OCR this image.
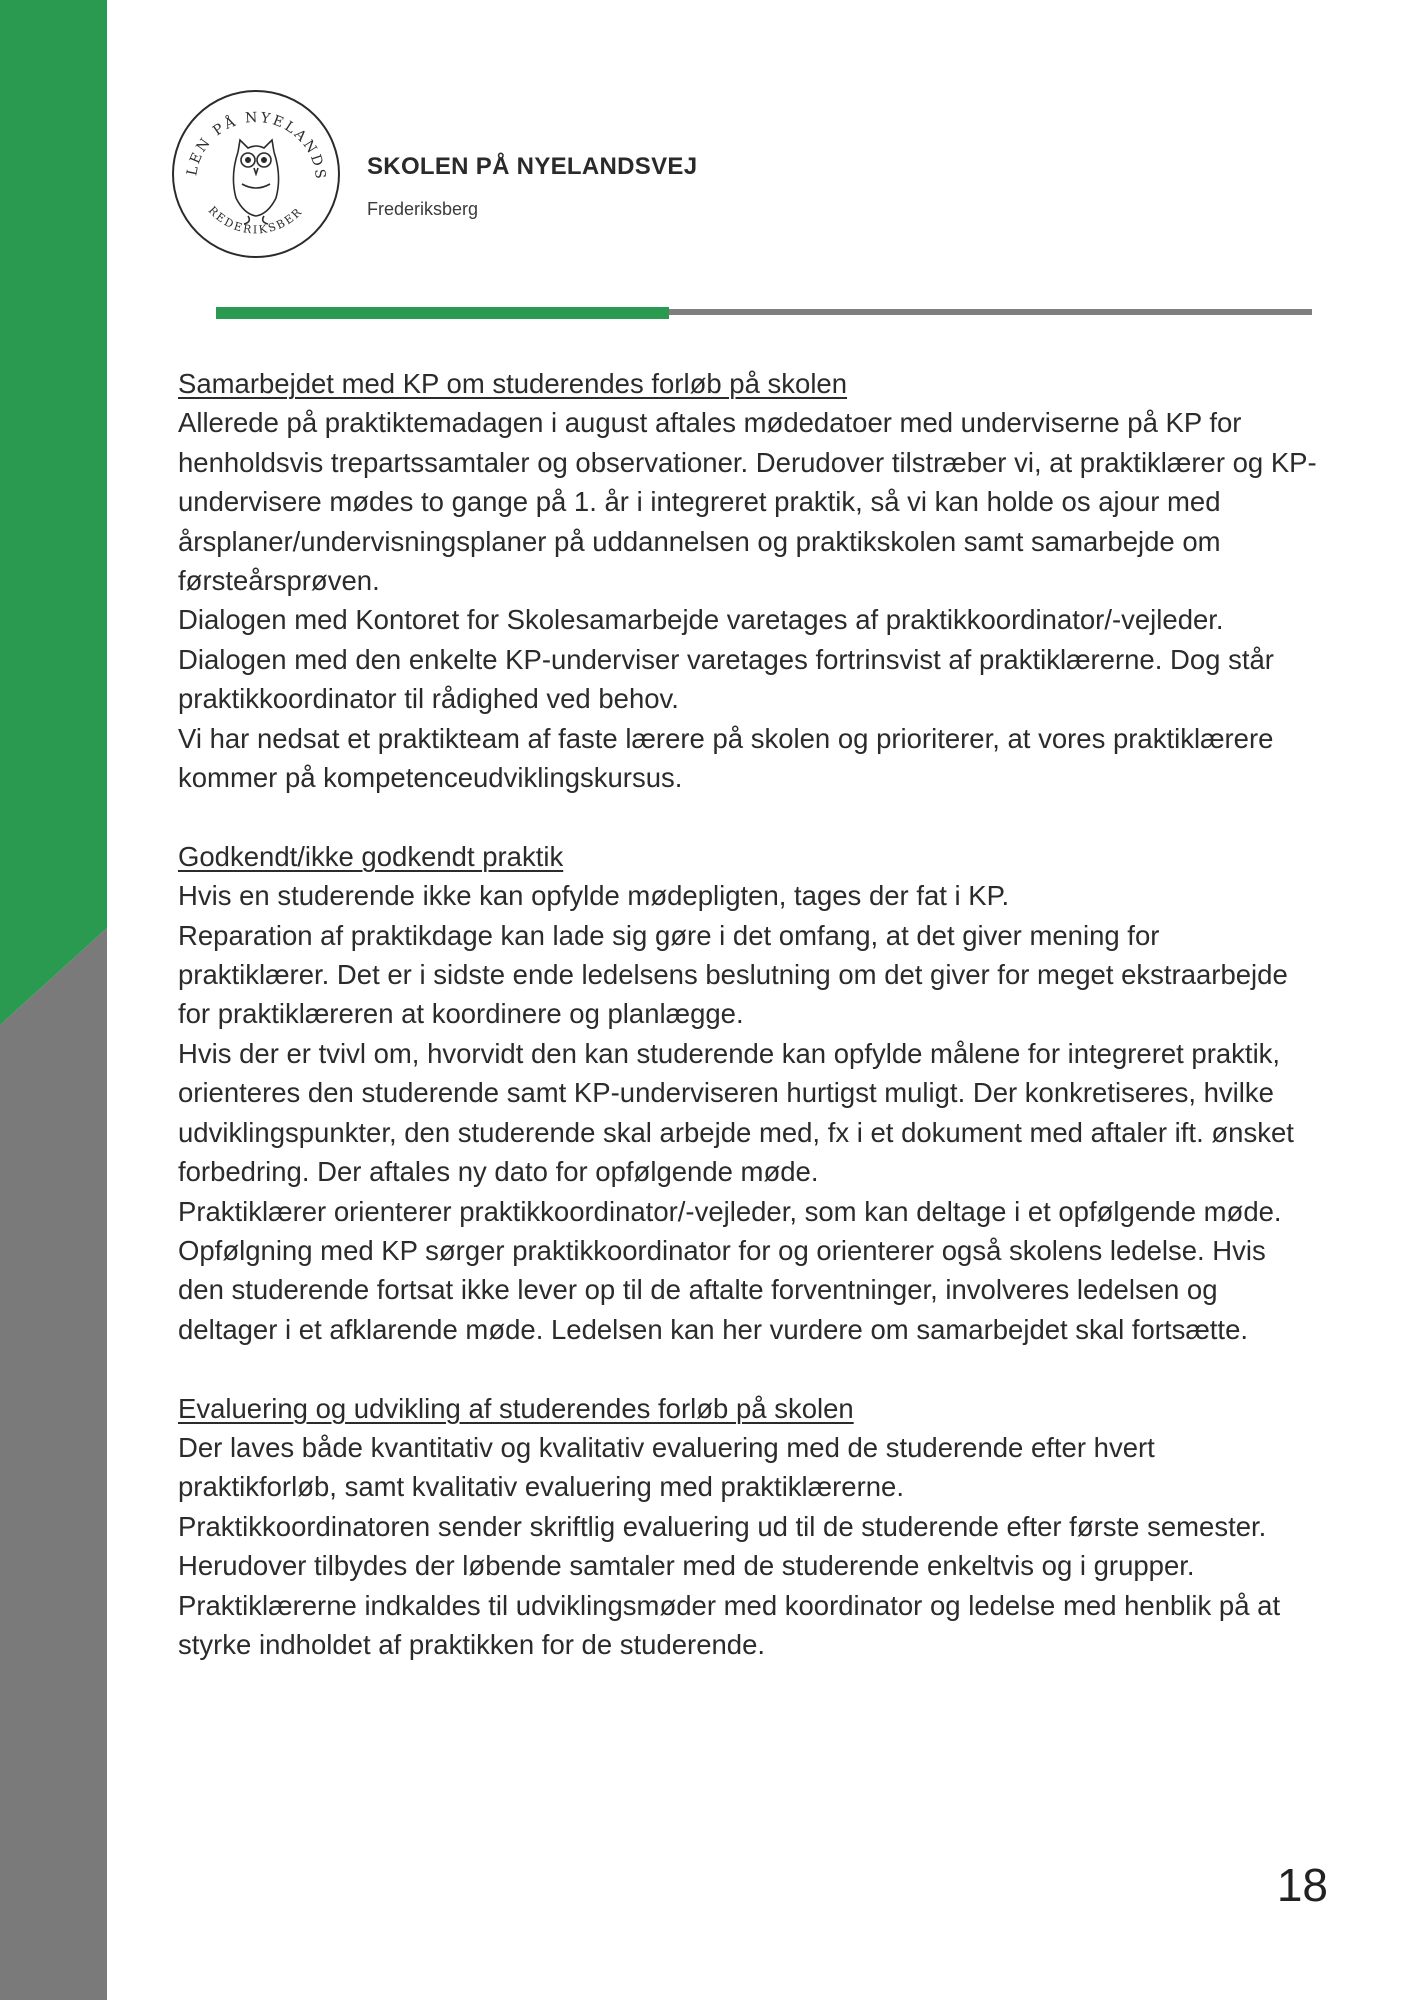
LEN PÅ NYELANDS
REDERIKSBER
SKOLEN PÅ NYELANDSVEJ

Frederiksberg

Samarbejdet med KP om studerendes forløb på skolen
Allerede på praktiktemadagen i august aftales mødedatoer med underviserne på KP for henholdsvis trepartssamtaler og observationer. Derudover tilstræber vi, at praktiklærer og KP-undervisere mødes to gange på 1. år i integreret praktik, så vi kan holde os ajour med årsplaner/undervisningsplaner på uddannelsen og praktikskolen samt samarbejde om førsteårsprøven.
Dialogen med Kontoret for Skolesamarbejde varetages af praktikkoordinator/-vejleder. Dialogen med den enkelte KP-underviser varetages fortrinsvist af praktiklærerne. Dog står praktikkoordinator til rådighed ved behov.
Vi har nedsat et praktikteam af faste lærere på skolen og prioriterer, at vores praktiklærere kommer på kompetenceudviklingskursus.
Godkendt/ikke godkendt praktik
Hvis en studerende ikke kan opfylde mødepligten, tages der fat i KP.
Reparation af praktikdage kan lade sig gøre i det omfang, at det giver mening for praktiklærer. Det er i sidste ende ledelsens beslutning om det giver for meget ekstraarbejde for praktiklæreren at koordinere og planlægge.
Hvis der er tvivl om, hvorvidt den kan studerende kan opfylde målene for integreret praktik, orienteres den studerende samt KP-underviseren hurtigst muligt. Der konkretiseres, hvilke udviklingspunkter, den studerende skal arbejde med, fx i et dokument med aftaler ift. ønsket forbedring. Der aftales ny dato for opfølgende møde.
Praktiklærer orienterer praktikkoordinator/-vejleder, som kan deltage i et opfølgende møde. Opfølgning med KP sørger praktikkoordinator for og orienterer også skolens ledelse. Hvis den studerende fortsat ikke lever op til de aftalte forventninger, involveres ledelsen og deltager i et afklarende møde. Ledelsen kan her vurdere om samarbejdet skal fortsætte.
Evaluering og udvikling af studerendes forløb på skolen
Der laves både kvantitativ og kvalitativ evaluering med de studerende efter hvert praktikforløb, samt kvalitativ evaluering med praktiklærerne.
Praktikkoordinatoren sender skriftlig evaluering ud til de studerende efter første semester. Herudover tilbydes der løbende samtaler med de studerende enkeltvis og i grupper.
Praktiklærerne indkaldes til udviklingsmøder med koordinator og ledelse med henblik på at styrke indholdet af praktikken for de studerende.

18
